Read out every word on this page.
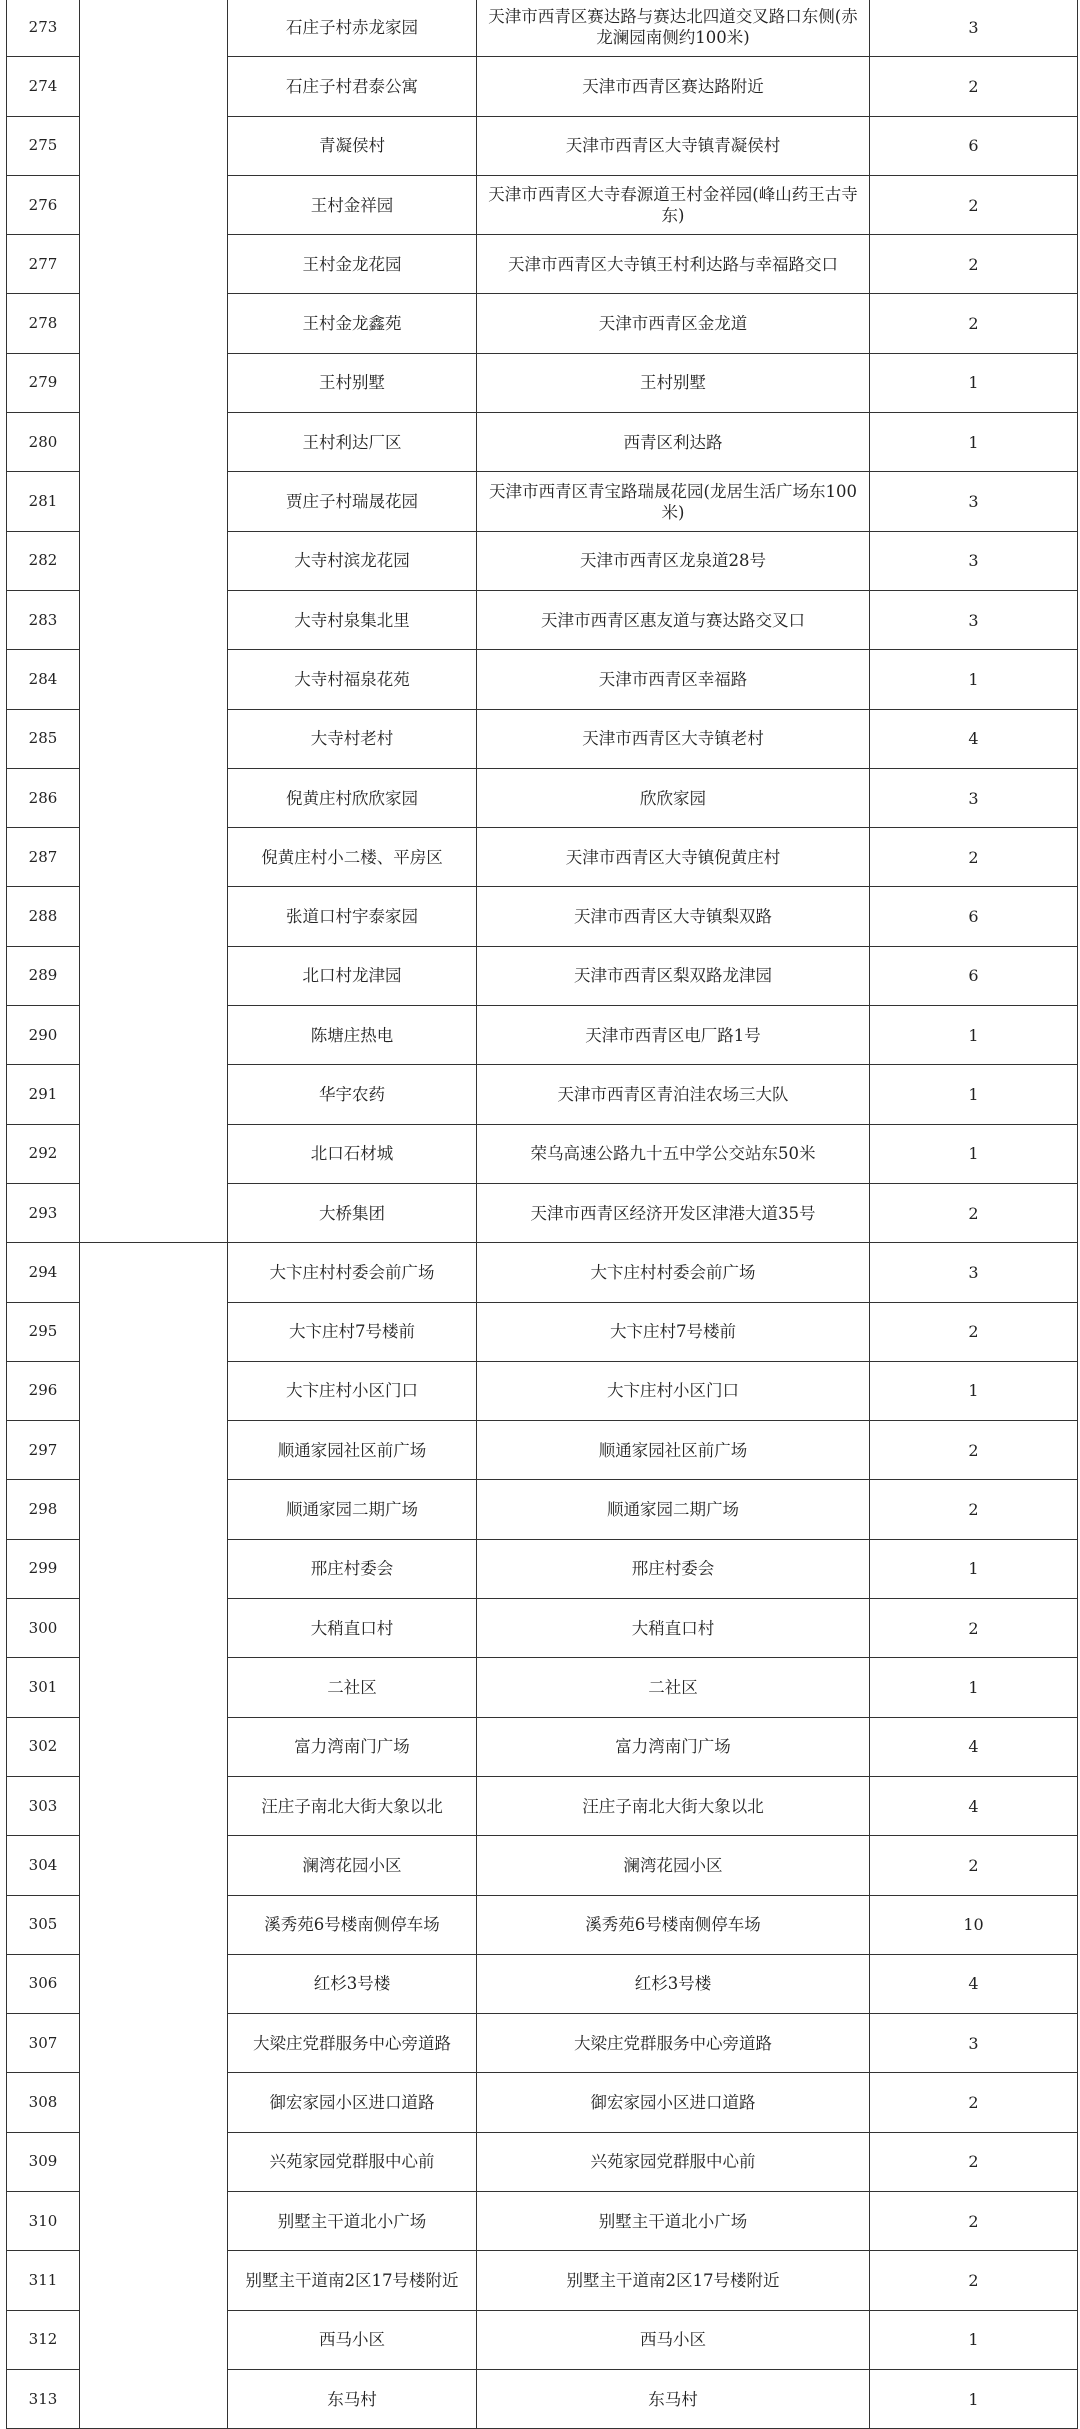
273		石庄子村赤龙家园	天津市西青区赛达路与赛达北四道交叉路口东侧(赤龙澜园南侧约100米)	3
274		石庄子村君泰公寓	天津市西青区赛达路附近	2
275		青凝侯村	天津市西青区大寺镇青凝侯村	6
276		王村金祥园	天津市西青区大寺春源道王村金祥园(峰山药王古寺东)	2
277		王村金龙花园	天津市西青区大寺镇王村利达路与幸福路交口	2
278		王村金龙鑫苑	天津市西青区金龙道	2
279		王村别墅	王村别墅	1
280		王村利达厂区	西青区利达路	1
281		贾庄子村瑞晟花园	天津市西青区青宝路瑞晟花园(龙居生活广场东100米)	3
282		大寺村滨龙花园	天津市西青区龙泉道28号	3
283		大寺村泉集北里	天津市西青区惠友道与赛达路交叉口	3
284		大寺村福泉花苑	天津市西青区幸福路	1
285		大寺村老村	天津市西青区大寺镇老村	4
286		倪黄庄村欣欣家园	欣欣家园	3
287		倪黄庄村小二楼、平房区	天津市西青区大寺镇倪黄庄村	2
288		张道口村宇泰家园	天津市西青区大寺镇梨双路	6
289		北口村龙津园	天津市西青区梨双路龙津园	6
290		陈塘庄热电	天津市西青区电厂路1号	1
291		华宇农药	天津市西青区青泊洼农场三大队	1
292		北口石材城	荣乌高速公路九十五中学公交站东50米	1
293		大桥集团	天津市西青区经济开发区津港大道35号	2
294		大卞庄村村委会前广场	大卞庄村村委会前广场	3
295		大卞庄村7号楼前	大卞庄村7号楼前	2
296		大卞庄村小区门口	大卞庄村小区门口	1
297		顺通家园社区前广场	顺通家园社区前广场	2
298		顺通家园二期广场	顺通家园二期广场	2
299		邢庄村委会	邢庄村委会	1
300		大稍直口村	大稍直口村	2
301		二社区	二社区	1
302		富力湾南门广场	富力湾南门广场	4
303		汪庄子南北大街大象以北	汪庄子南北大街大象以北	4
304		澜湾花园小区	澜湾花园小区	2
305		溪秀苑6号楼南侧停车场	溪秀苑6号楼南侧停车场	10
306		红杉3号楼	红杉3号楼	4
307		大梁庄党群服务中心旁道路	大梁庄党群服务中心旁道路	3
308		御宏家园小区进口道路	御宏家园小区进口道路	2
309		兴苑家园党群服中心前	兴苑家园党群服中心前	2
310		别墅主干道北小广场	别墅主干道北小广场	2
311		别墅主干道南2区17号楼附近	别墅主干道南2区17号楼附近	2
312		西马小区	西马小区	1
313		东马村	东马村	1
